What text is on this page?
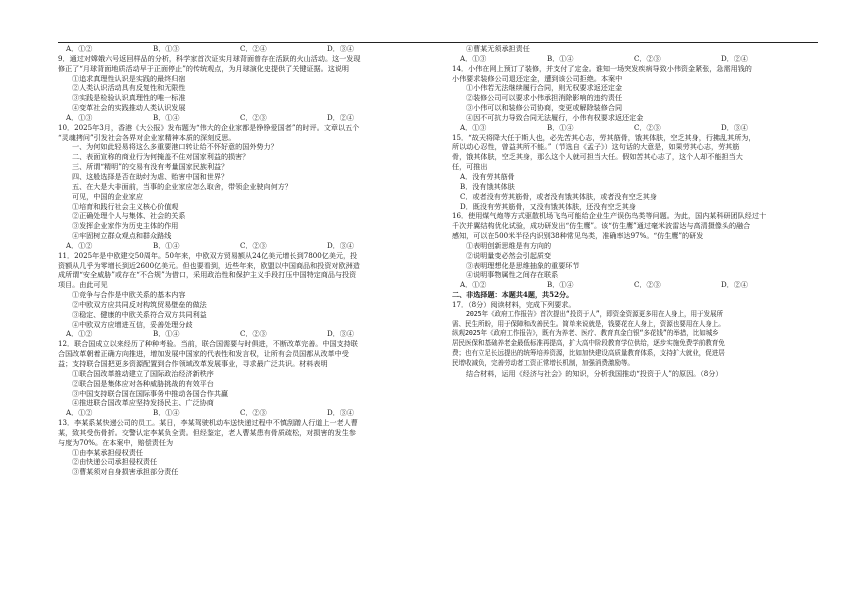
A．①②	B．①③	C．②④	D．③④
9．通过对嫦娥六号返回样品的分析，科学家首次证实月球背面曾存在活跃的火山活动。这一发现
修正了“月球背面地质活动早于正面停止”的传统观点，为月球演化史提供了关键证据。这说明
①追求真理性认识是实践的最终归宿
②人类认识活动具有反复性和无限性
③实践是检验认识真理性的唯一标准
④变革社会的实践推动人类认识发展
A．①③	B．①④	C．②③	D．②④
10．2025年3月，香港《大公报》发布题为“伟大的企业家都是铮铮爱国者”的时评。文章以五个
“灵魂拷问”引发社会各界对企业家精神本质的深刻反思。
一、为何如此轻易将这么多重要港口转让给不怀好意的国外势力？
二、表面宣称的商业行为何掩盖不住对国家利益的损害？
三、所谓“精明”的交易有没有考量国家民族利益？
四、这般选择是否在助纣为虐、贻害中国和世界？
五、在大是大非面前，当事的企业家应怎么取舍，带领企业驶向何方？
可见，中国的企业家应
①培育和践行社会主义核心价值观
②正确处理个人与集体、社会的关系
③发挥企业家作为历史主体的作用
④牢固树立群众观点和群众路线
A．①②	B．①④	C．②③	D．③④
11．2025年是中欧建交50周年。50年来，中欧双方贸易额从24亿美元增长到7800亿美元，投
资额从几乎为零增长到近2600亿美元。但也要看到，近些年来，欧盟以中国商品和投资对欧洲造
成所谓“安全威胁”或存在“不合规”为借口，采用政治性和保护主义手段打压中国特定商品与投资
项目。由此可见
①竞争与合作是中欧关系的基本内容
②中欧双方应共同反对构筑贸易壁垒的做法
③稳定、健康的中欧关系符合双方共同利益
④中欧双方应增进互信，妥善处理分歧
A．①②	B．①④	C．②③	D．③④
12．联合国成立以来经历了种种考验。当前，联合国需要与时俱进，不断改革完善。中国支持联
合国改革朝着正确方向推进，增加发展中国家的代表性和发言权，让所有会员国都从改革中受
益；支持联合国把更多资源配置到合作领域改革发展事业，寻求最广泛共识。材料表明
①联合国改革推动建立了国际政治经济新秩序
②联合国是集体应对各种威胁挑战的有效平台
③中国支持联合国在国际事务中推动各国合作共赢
④推进联合国改革应坚持发扬民主、广泛协商
A．①②	B．①④	C．②③	D．③④
13．李某系某快递公司的员工。某日，李某驾驶机动车送快递过程中不慎刮蹭人行道上一老人曹
某，致其受伤骨折。交警认定李某负全责。但经鉴定，老人曹某患有骨质疏松，对损害的发生参
与度为70%。在本案中，赔偿责任为
①由李某承担侵权责任
②由快递公司承担侵权责任
③曹某须对自身损害承担部分责任
④曹某无须承担责任
A．①③	B．①④	C．②③	D．②④
14．小伟在网上预订了装修，并支付了定金。谁知一场突发疾病导致小伟资金紧张，急需用钱的
小伟要求装修公司退还定金，遭到该公司拒绝。本案中
①小伟若无法继续履行合同，则无权要求返还定金
②装修公司可以要求小伟承担消除影响的违约责任
③小伟可以和装修公司协商，变更或解除装修合同
④因不可抗力导致合同无法履行，小伟有权要求返还定金
A．①③	B．①④	C．②③	D．③④
15．“故天将降大任于斯人也，必先苦其心志，劳其筋骨，饿其体肤，空乏其身，行拂乱其所为，
所以动心忍性，曾益其所不能。”（节选自《孟子》）这句话的大意是，如果劳其心志，劳其筋
骨，饿其体肤，空乏其身，那么这个人就可担当大任。假如苦其心志了，这个人却不能担当大
任，可推出
A．没有劳其筋骨
B．没有饿其体肤
C．或者没有劳其筋骨，或者没有饿其体肤，或者没有空乏其身
D．既没有劳其筋骨，又没有饿其体肤，还没有空乏其身
16．使用煤气炮等方式驱散机场飞鸟可能给企业生产误伤鸟类等问题。为此，国内某科研团队经过十
千次并翼结构优化试验，成功研发出“仿生鹰”。该“仿生鹰”通过毫米波雷达与高清摄像头的融合
感知，可以在500米半径内识别38种常见鸟类，准确率达97%。“仿生鹰”的研发
①表明创新思维是有方向的
②说明量变必然会引起质变
③表明理想化是思维抽象的重要环节
④说明事物属性之间存在联系
A．①②	B．①④	C．②③	D．②④
二、非选择题：本题共4题，共52分。
17．（8分）阅读材料，完成下列要求。
2025年《政府工作报告》首次提出“投资于人”，即资金资源更多用在人身上，用于发展所
需、民生所盼，用于保障和改善民生。简单来说就是，钱要花在人身上，资源也要用在人身上。
纵观2025年《政府工作报告》，既有为养老、医疗、教育真金白银“多花钱”的举措，比如城乡
居民医保和基础养老金最低标准再提高，扩大高中阶段教育学位供给，逐步实施免费学前教育免
费；也有立足长远提出的统筹培养资源，比如加快建设高质量教育体系，支持扩大就业，促进居
民增收减负，完善劳动者工资正常增长机制，加强消费激励等。
结合材料，运用《经济与社会》的知识，分析我国推动“投资于人”的原因。（8分）
